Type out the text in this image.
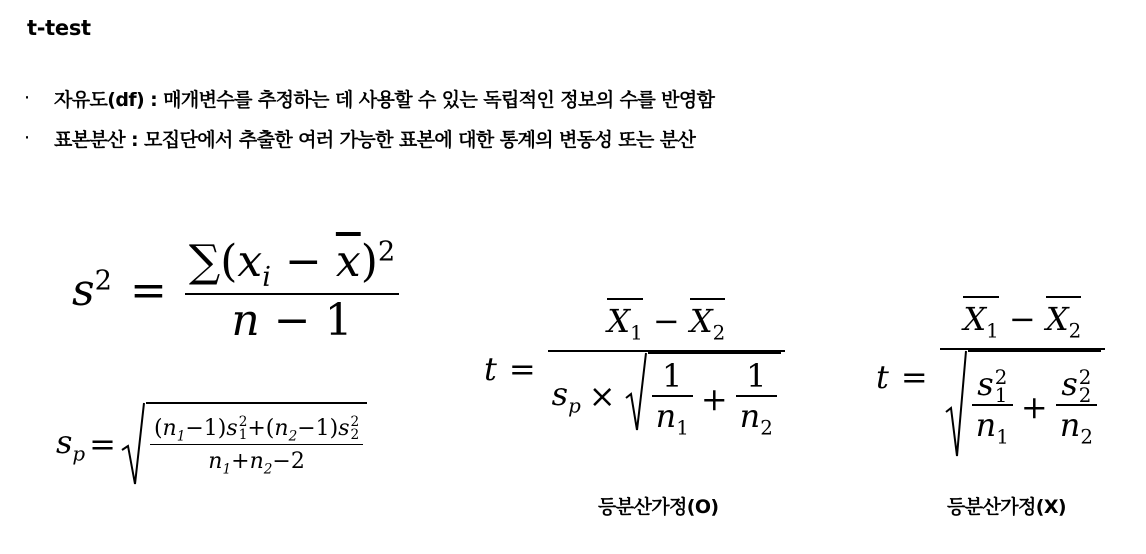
t-test
·	자유도(df) : 매개변수를 추정하는 데 사용할 수 있는 독립적인 정보의 수를 반영함
·	표본분산 : 모집단에서 추출한 여러 가능한 표본에 대한 통계의 변동성 또는 분산
$s^2 = \frac{\sum(x_i - \overline{x})^2}{n - 1}$
$s_p = (n_1-1)s$ 2
$1 +(n_2-1)s$ 2
2
$n_1+n_2-2$
t =
$X_1 - X_2$
$s_p \times \frac{1}{n_1} + \frac{1}{n_2}$	$t = X_1 - X_2$
s 2
1
$n_1 + s$ 2
2
$n_2$
등분산가정(O)	등분산가정(X)
